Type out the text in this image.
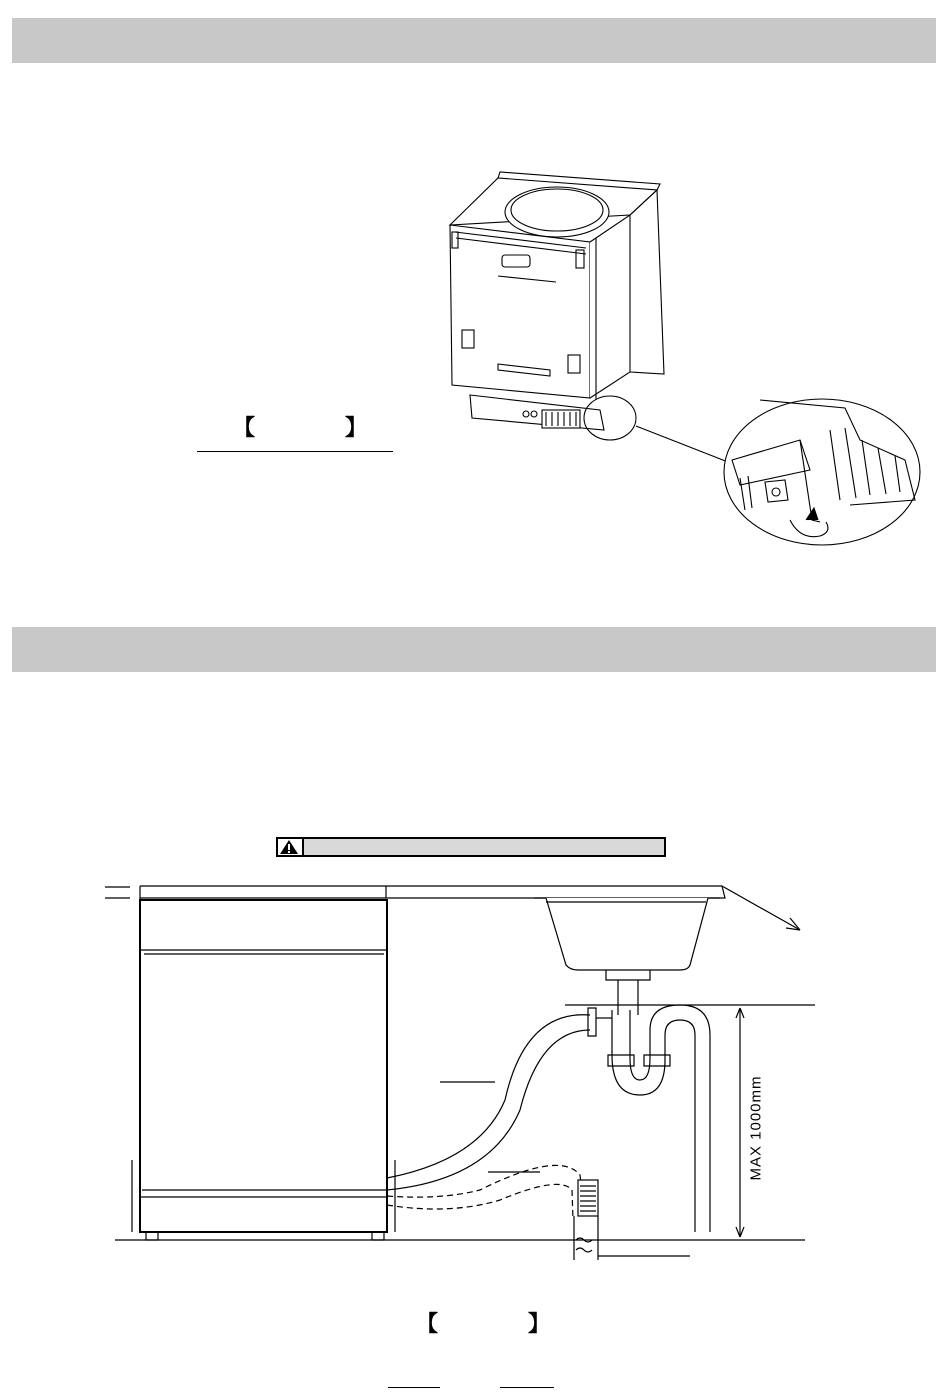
【	】
MAX 1000mm
【	】
